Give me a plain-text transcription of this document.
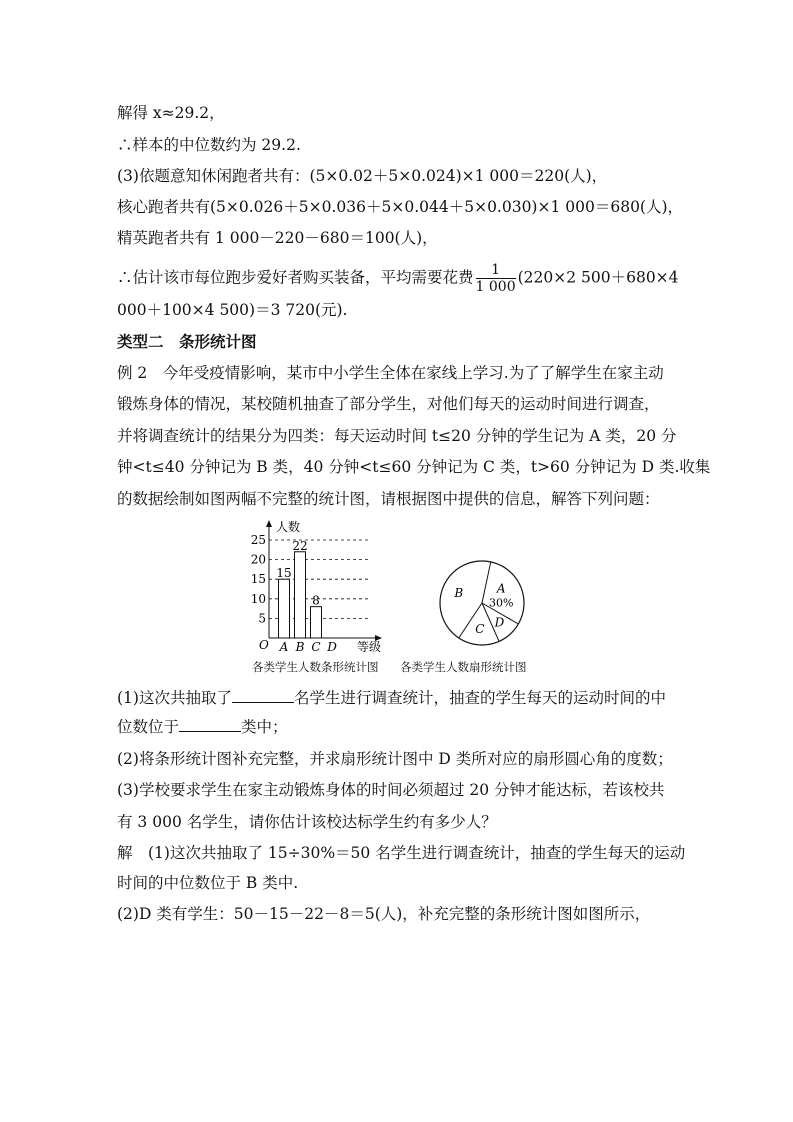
解得 x≈29.2，
∴样本的中位数约为 29.2.
(3)依题意知休闲跑者共有：(5×0.02＋5×0.024)×1 000＝220(人)，
核心跑者共有(5×0.026＋5×0.036＋5×0.044＋5×0.030)×1 000＝680(人)，
精英跑者共有 1 000－220－680＝100(人)，
∴估计该市每位跑步爱好者购买装备，平均需要花费 $\frac{1}{1 000} (220\times 2$ 500＋680×4
000＋100×4 500)＝3 720(元).
类型二　条形统计图
例 2　今年受疫情影响，某市中小学生全体在家线上学习.为了了解学生在家主动
锻炼身体的情况，某校随机抽查了部分学生，对他们每天的运动时间进行调查，
并将调查统计的结果分为四类：每天运动时间 t≤20 分钟的学生记为 A 类，20 分
钟<t≤40 分钟记为 B 类，40 分钟<t≤60 分钟记为 C 类，t>60 分钟记为 D 类.收集
的数据绘制如图两幅不完整的统计图，请根据图中提供的信息，解答下列问题：
人数
等级
O
5
10
15
20
25
A
15
B
22
C
8
D
A
30%
D
C
B
各类学生人数条形统计图 各类学生人数扇形统计图
(1)这次共抽取了	名学生进行调查统计，抽查的学生每天的运动时间的中
位数位于	类中；
(2)将条形统计图补充完整，并求扇形统计图中 D 类所对应的扇形圆心角的度数；
(3)学校要求学生在家主动锻炼身体的时间必须超过 20 分钟才能达标，若该校共
有 3 000 名学生，请你估计该校达标学生约有多少人？
解　(1)这次共抽取了 15÷30%＝50 名学生进行调查统计，抽查的学生每天的运动
时间的中位数位于 B 类中.
(2)D 类有学生：50－15－22－8＝5(人)，补充完整的条形统计图如图所示，
